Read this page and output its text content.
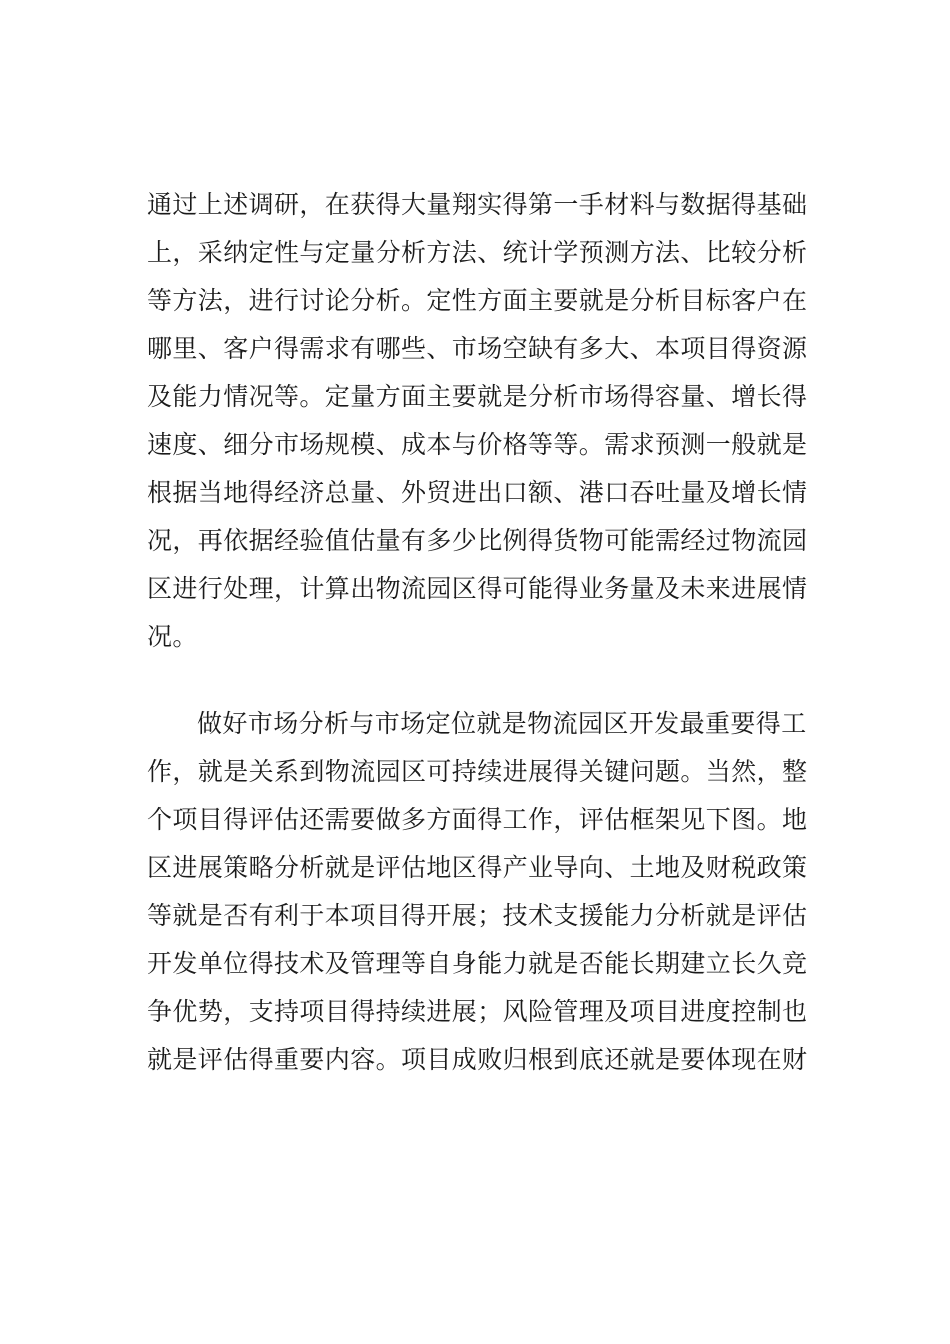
通过上述调研，在获得大量翔实得第一手材料与数据得基础
上，采纳定性与定量分析方法、统计学预测方法、比较分析
等方法，进行讨论分析。定性方面主要就是分析目标客户在
哪里、客户得需求有哪些、市场空缺有多大、本项目得资源
及能力情况等。定量方面主要就是分析市场得容量、增长得
速度、细分市场规模、成本与价格等等。需求预测一般就是
根据当地得经济总量、外贸进出口额、港口吞吐量及增长情
况，再依据经验值估量有多少比例得货物可能需经过物流园
区进行处理，计算出物流园区得可能得业务量及未来进展情
况。
做好市场分析与市场定位就是物流园区开发最重要得工
作，就是关系到物流园区可持续进展得关键问题。当然，整
个项目得评估还需要做多方面得工作，评估框架见下图。地
区进展策略分析就是评估地区得产业导向、土地及财税政策
等就是否有利于本项目得开展；技术支援能力分析就是评估
开发单位得技术及管理等自身能力就是否能长期建立长久竞
争优势，支持项目得持续进展；风险管理及项目进度控制也
就是评估得重要内容。项目成败归根到底还就是要体现在财
